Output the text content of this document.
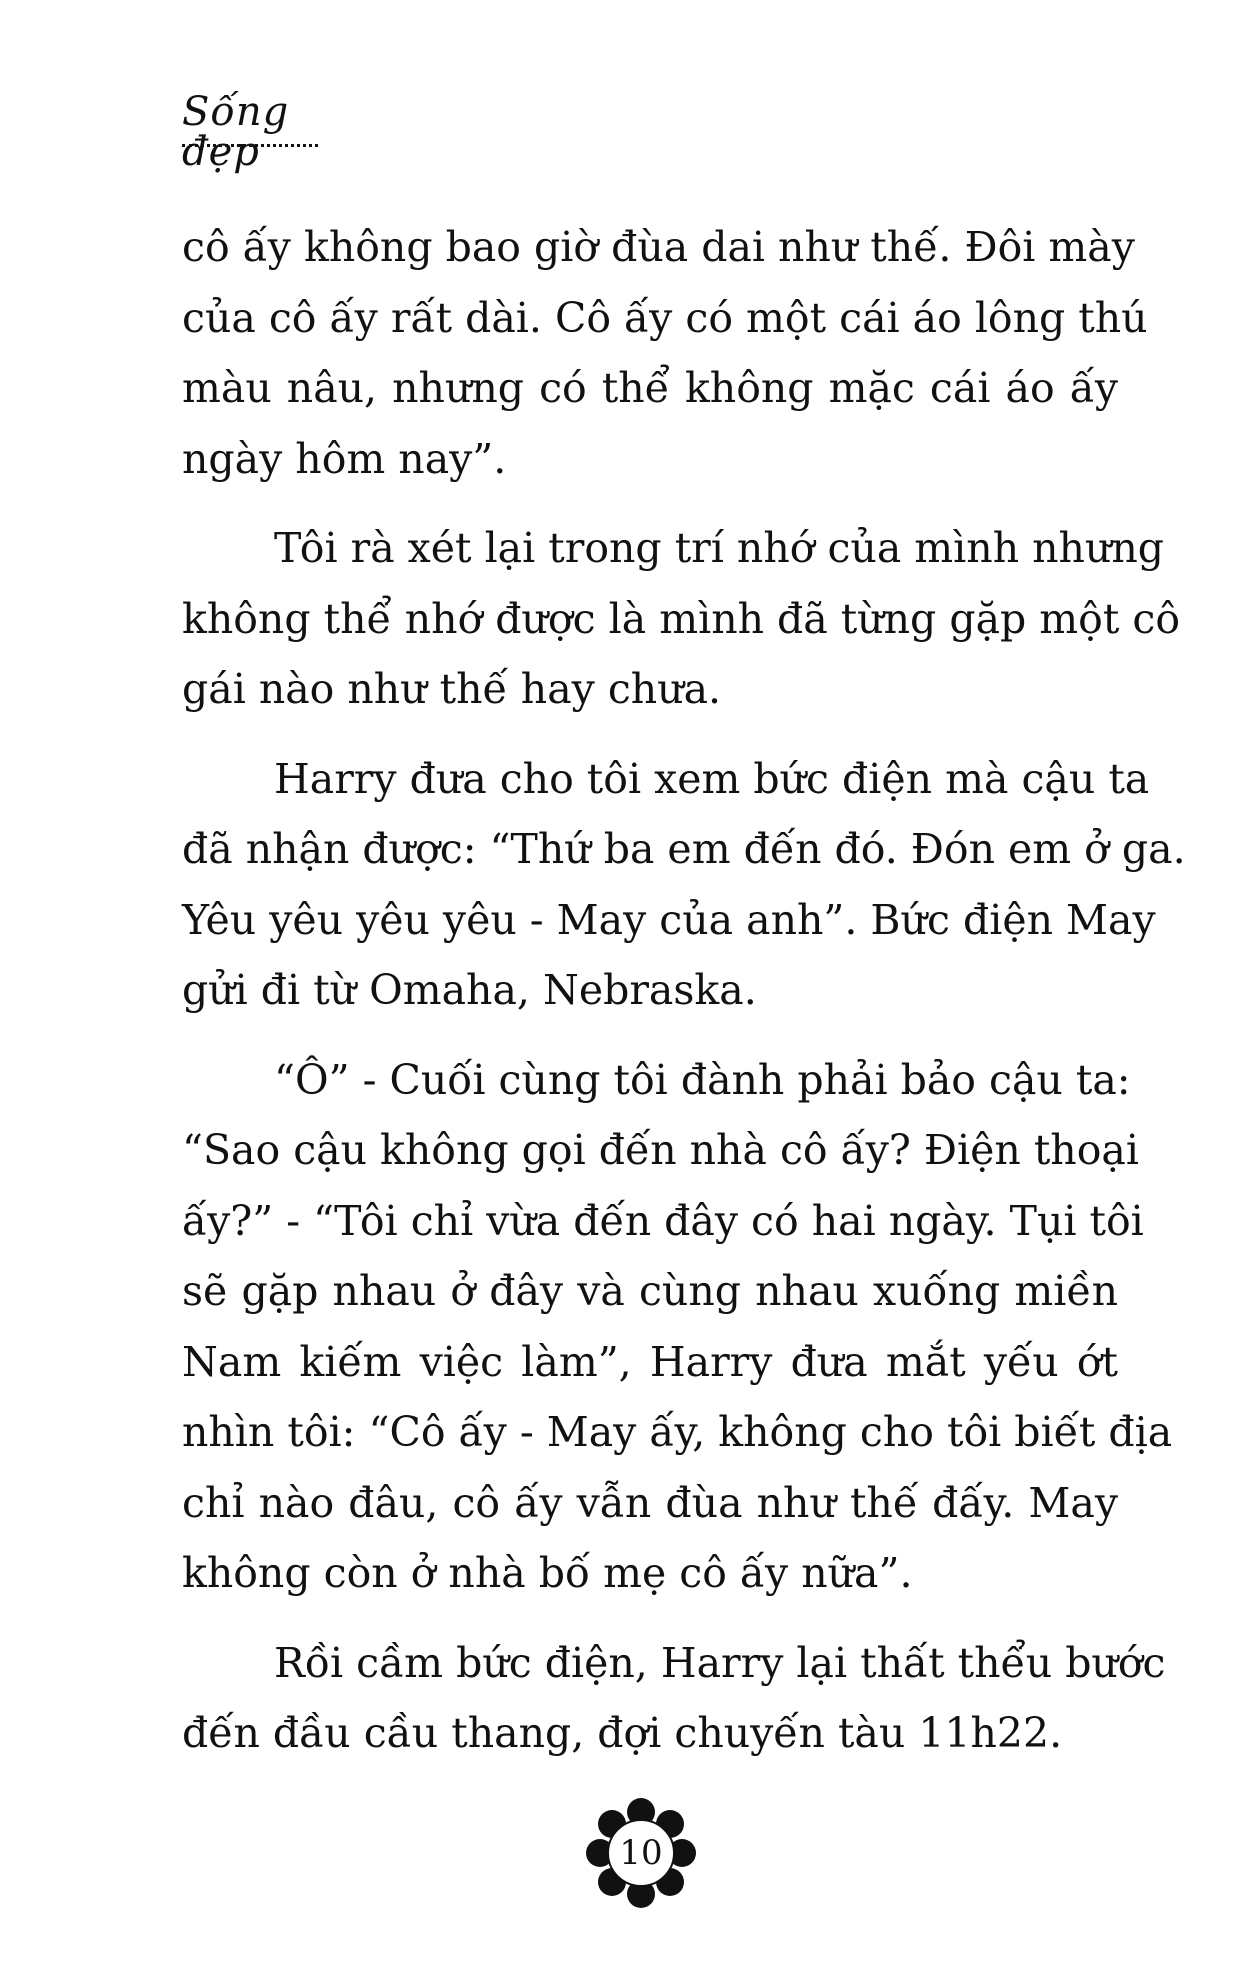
Sống đẹp

cô ấy không bao giờ đùa dai như thế. Đôi mày
của cô ấy rất dài. Cô ấy có một cái áo lông thú
màu nâu, nhưng có thể không mặc cái áo ấy
ngày hôm nay”.

Tôi rà xét lại trong trí nhớ của mình nhưng
không thể nhớ được là mình đã từng gặp một cô
gái nào như thế hay chưa.

Harry đưa cho tôi xem bức điện mà cậu ta
đã nhận được: “Thứ ba em đến đó. Đón em ở ga.
Yêu yêu yêu yêu - May của anh”. Bức điện May
gửi đi từ Omaha, Nebraska.

“Ô” - Cuối cùng tôi đành phải bảo cậu ta:
“Sao cậu không gọi đến nhà cô ấy? Điện thoại
ấy?” - “Tôi chỉ vừa đến đây có hai ngày. Tụi tôi
sẽ gặp nhau ở đây và cùng nhau xuống miền
Nam kiếm việc làm”, Harry đưa mắt yếu ớt
nhìn tôi: “Cô ấy - May ấy, không cho tôi biết địa
chỉ nào đâu, cô ấy vẫn đùa như thế đấy. May
không còn ở nhà bố mẹ cô ấy nữa”.

Rồi cầm bức điện, Harry lại thất thểu bước
đến đầu cầu thang, đợi chuyến tàu 11h22.

10
